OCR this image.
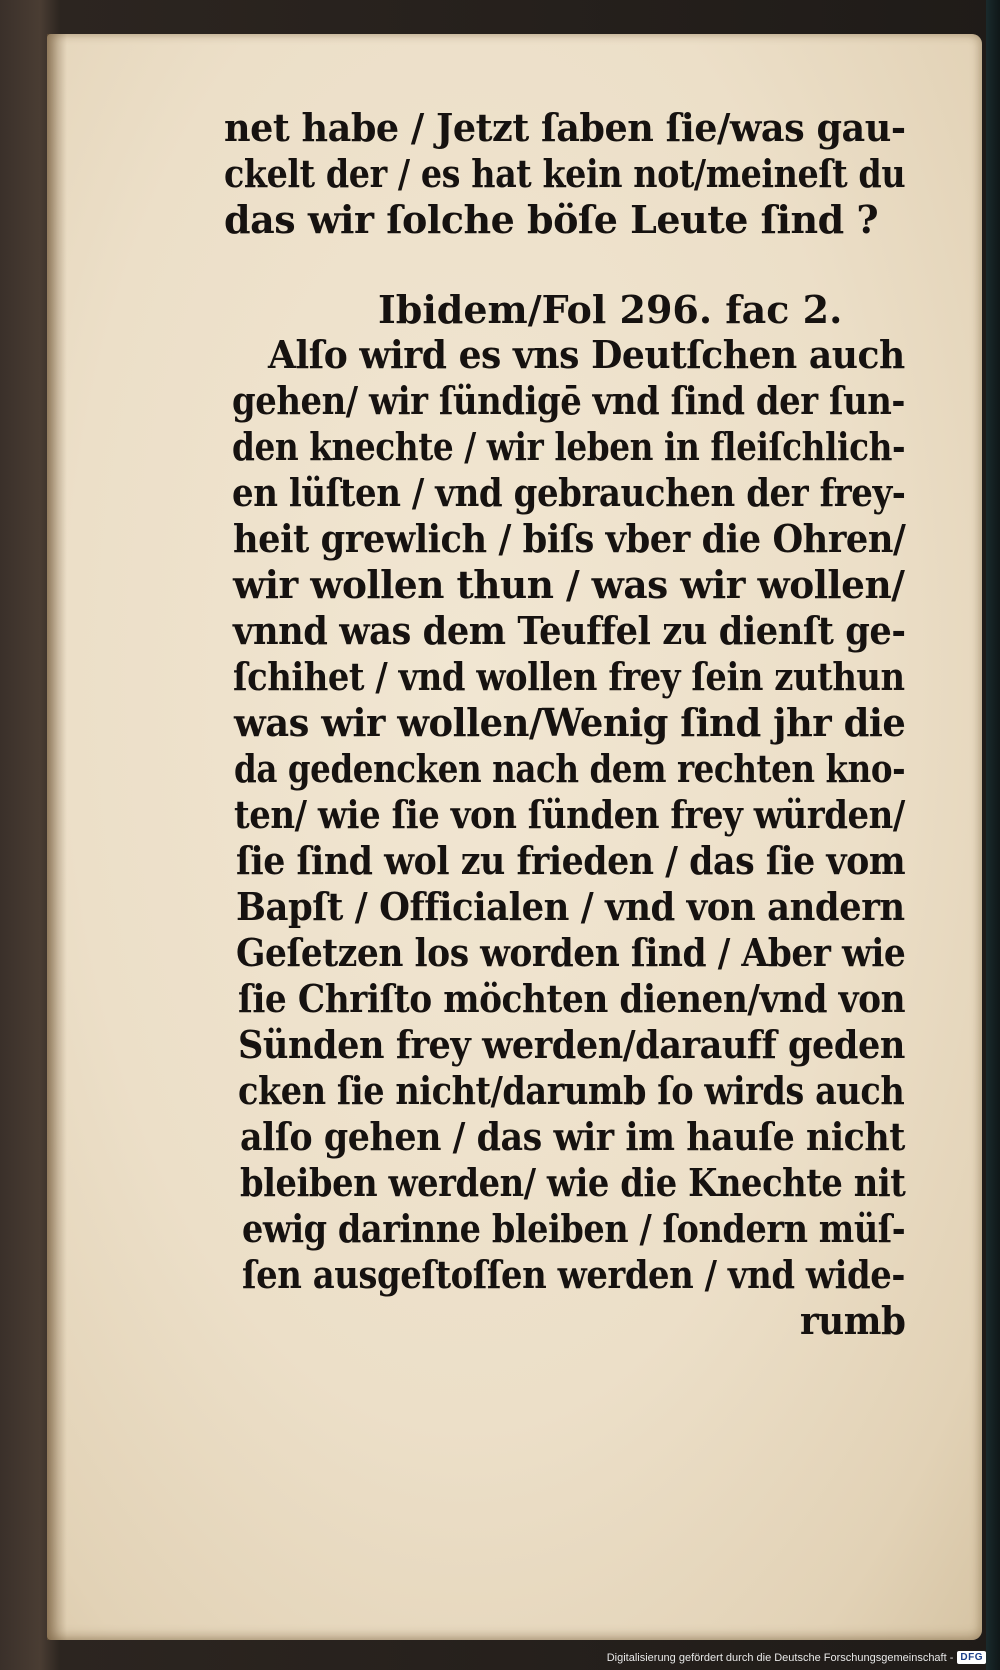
net habe / Jetzt ſaben ſie/was gau-
ckelt der / es hat kein not/meineſt du
das wir ſolche böſe Leute ſind ?
Ibidem/Fol 296. fac 2.
Alſo wird es vns Deutſchen auch
gehen/ wir ſündigē vnd ſind der ſun-
den knechte / wir leben in fleiſchlich-
en lüſten / vnd gebrauchen der frey-
heit grewlich / biſs vber die Ohren/
wir wollen thun / was wir wollen/
vnnd was dem Teuffel zu dienſt ge-
ſchihet / vnd wollen frey ſein zuthun
was wir wollen/Wenig ſind jhr die
da gedencken nach dem rechten kno-
ten/ wie ſie von ſünden frey würden/
ſie ſind wol zu frieden / das ſie vom
Bapſt / Officialen / vnd von andern
Geſetzen los worden ſind / Aber wie
ſie Chriſto möchten dienen/vnd von
Sünden frey werden/darauff geden
cken ſie nicht/darumb ſo wirds auch
alſo gehen / das wir im hauſe nicht
bleiben werden/ wie die Knechte nit
ewig darinne bleiben / ſondern müſ-
ſen ausgeſtoſſen werden / vnd wide-
rumb
Digitalisierung gefördert durch die Deutsche Forschungsgemeinschaft - DFG
